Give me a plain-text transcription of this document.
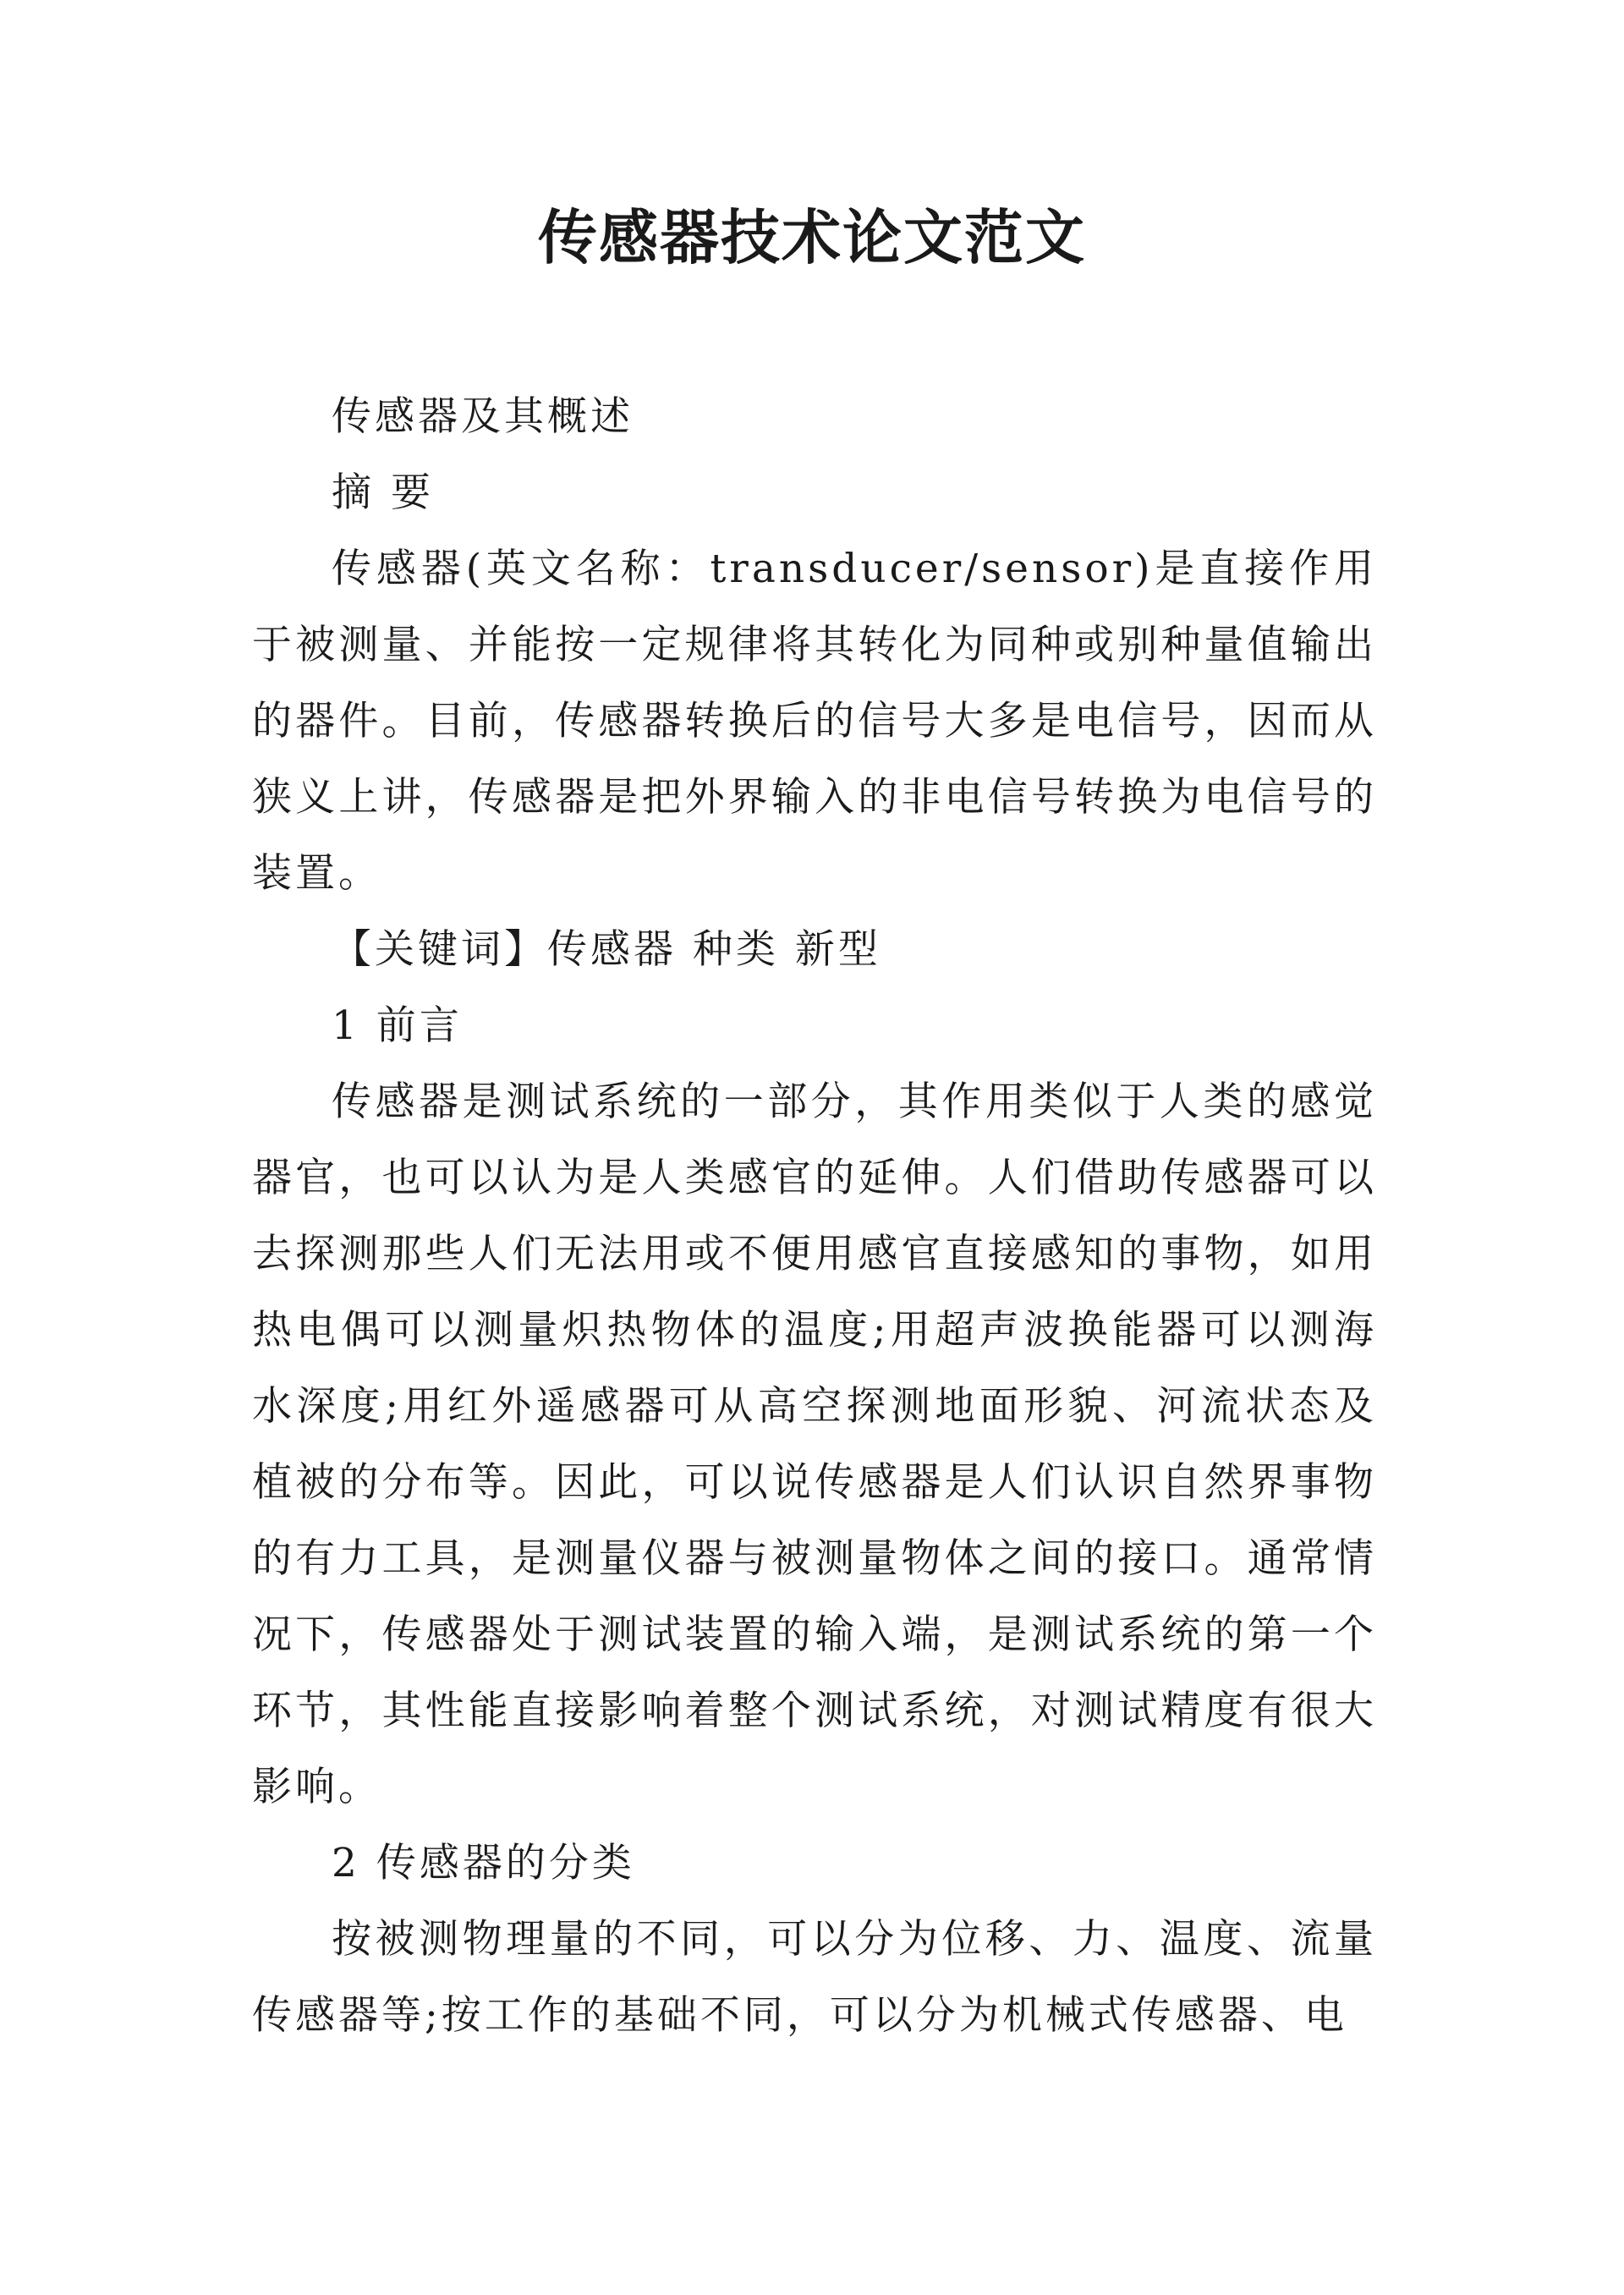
传感器技术论文范文

传感器及其概述

摘 要

传感器(英文名称：transducer/sensor)是直接作用于被测量、并能按一定规律将其转化为同种或别种量值输出的器件。目前，传感器转换后的信号大多是电信号，因而从狭义上讲，传感器是把外界输入的非电信号转换为电信号的装置。

【关键词】传感器 种类 新型

1 前言

传感器是测试系统的一部分，其作用类似于人类的感觉器官，也可以认为是人类感官的延伸。人们借助传感器可以去探测那些人们无法用或不便用感官直接感知的事物，如用热电偶可以测量炽热物体的温度;用超声波换能器可以测海水深度;用红外遥感器可从高空探测地面形貌、河流状态及植被的分布等。因此，可以说传感器是人们认识自然界事物的有力工具，是测量仪器与被测量物体之间的接口。通常情况下，传感器处于测试装置的输入端，是测试系统的第一个环节，其性能直接影响着整个测试系统，对测试精度有很大影响。

2 传感器的分类

按被测物理量的不同，可以分为位移、力、温度、流量传感器等;按工作的基础不同，可以分为机械式传感器、电
